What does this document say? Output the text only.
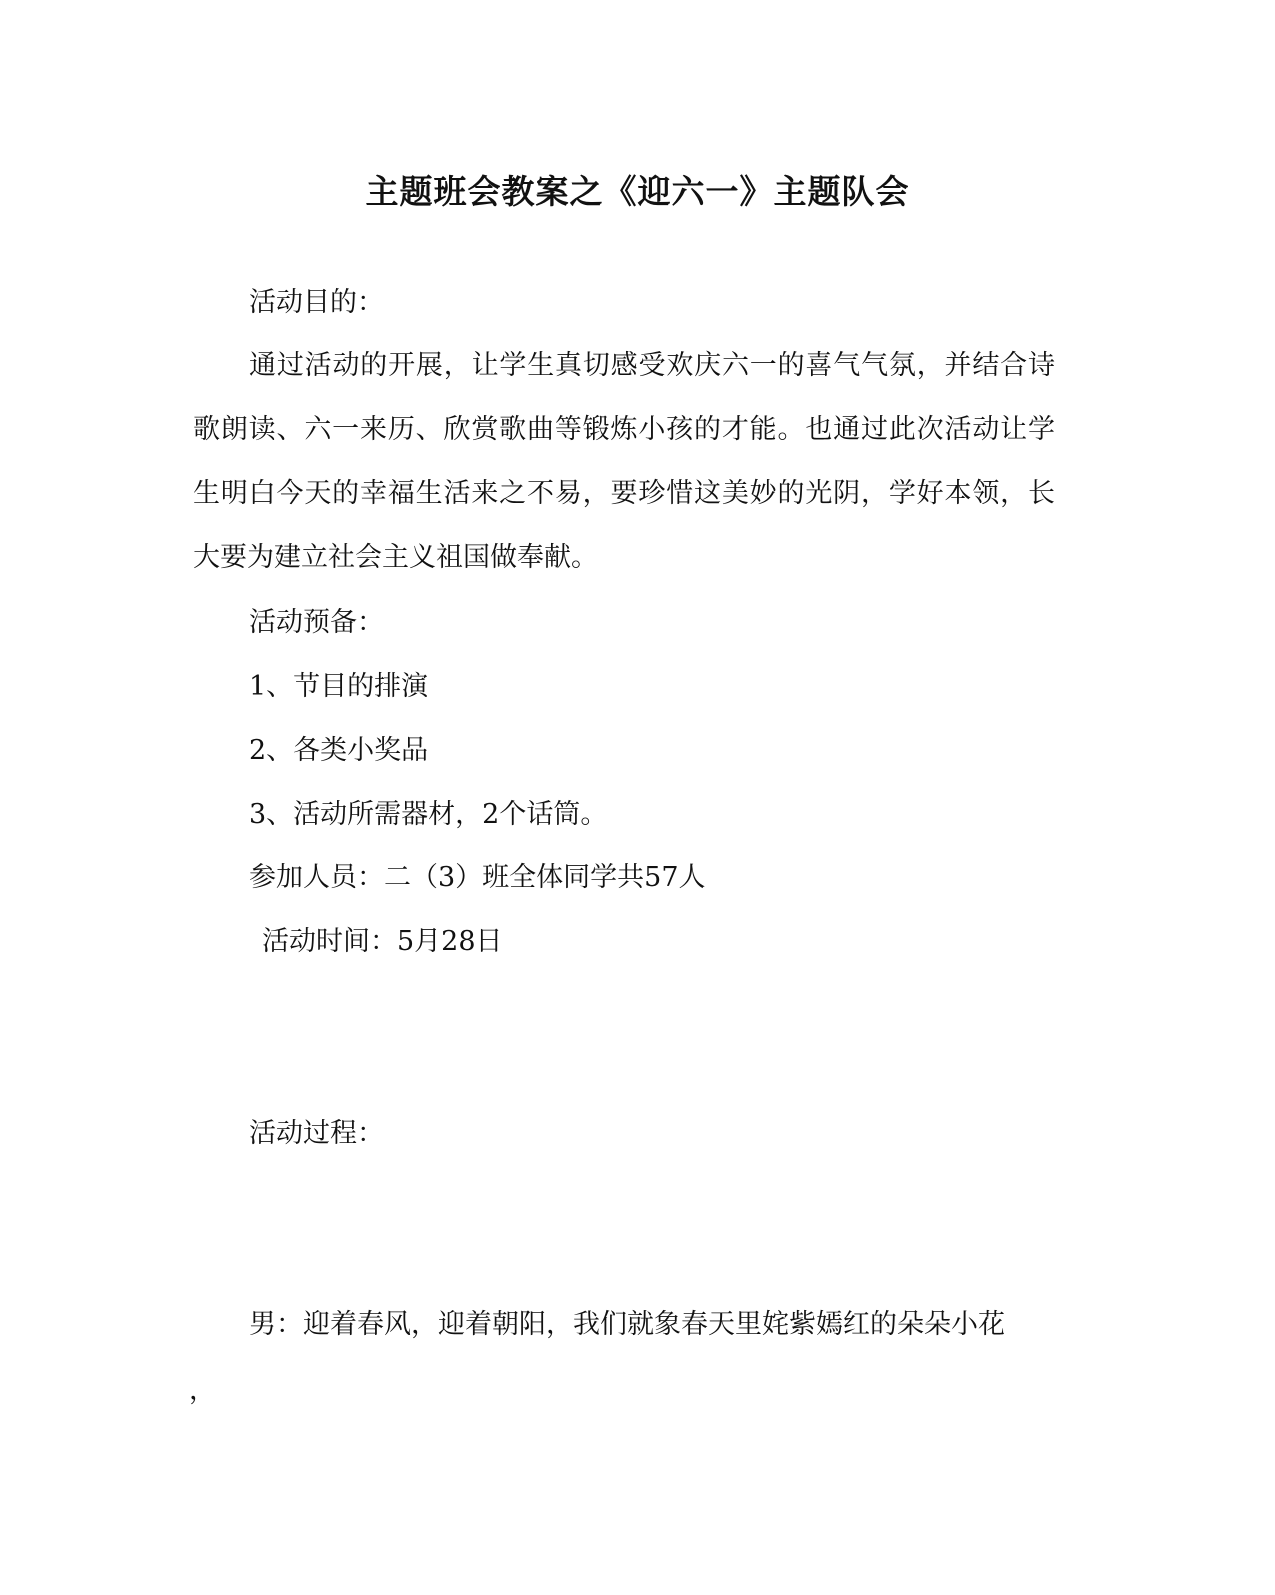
主题班会教案之《迎六一》主题队会

活动目的：

通过活动的开展，让学生真切感受欢庆六一的喜气气氛，并结合诗歌朗读、六一来历、欣赏歌曲等锻炼小孩的才能。也通过此次活动让学生明白今天的幸福生活来之不易，要珍惜这美妙的光阴，学好本领，长大要为建立社会主义祖国做奉献。

活动预备：

1、节目的排演

2、各类小奖品

3、活动所需器材，2个话筒。

参加人员：二（3）班全体同学共57人

活动时间：5月28日

活动过程：

男：迎着春风，迎着朝阳，我们就象春天里姹紫嫣红的朵朵小花

，
